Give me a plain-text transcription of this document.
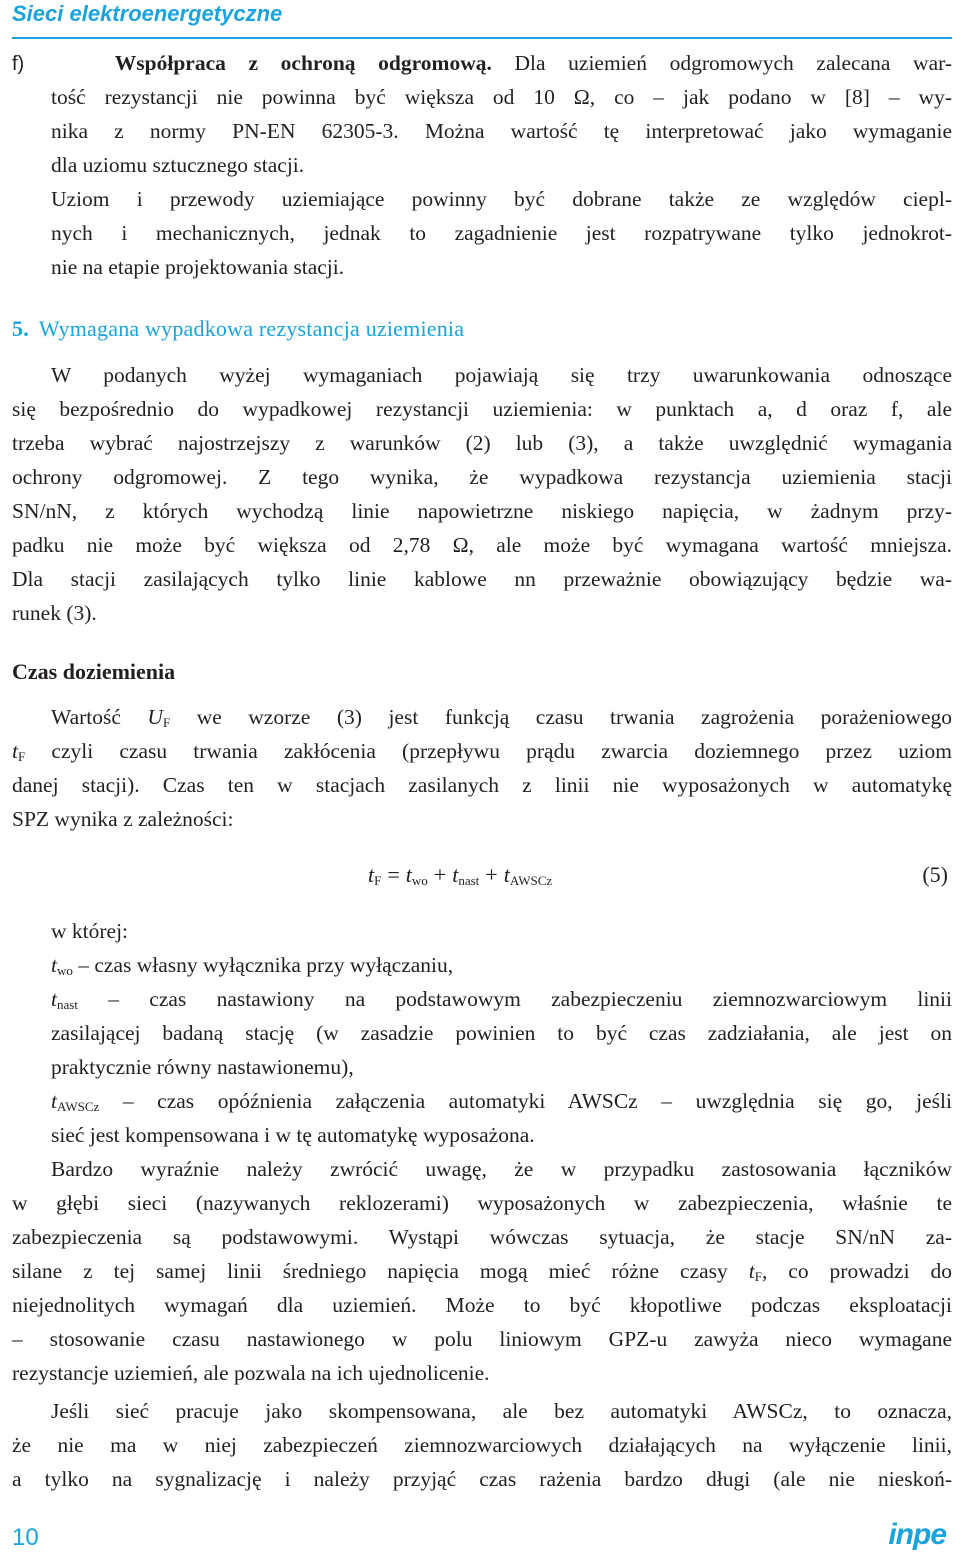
Sieci elektroenergetyczne
f)	Współpraca z ochroną odgromową. Dla uziemień odgromowych zalecana war-
tość rezystancji nie powinna być większa od 10 Ω, co – jak podano w [8] – wy-
nika z normy PN-EN 62305-3. Można wartość tę interpretować jako wymaganie
dla uziomu sztucznego stacji.
Uziom i przewody uziemiające powinny być dobrane także ze względów ciepl-
nych i mechanicznych, jednak to zagadnienie jest rozpatrywane tylko jednokrot-
nie na etapie projektowania stacji.
5. Wymagana wypadkowa rezystancja uziemienia
W podanych wyżej wymaganiach pojawiają się trzy uwarunkowania odnoszące
się bezpośrednio do wypadkowej rezystancji uziemienia: w punktach a, d oraz f, ale
trzeba wybrać najostrzejszy z warunków (2) lub (3), a także uwzględnić wymagania
ochrony odgromowej. Z tego wynika, że wypadkowa rezystancja uziemienia stacji
SN/nN, z których wychodzą linie napowietrzne niskiego napięcia, w żadnym przy-
padku nie może być większa od 2,78 Ω, ale może być wymagana wartość mniejsza.
Dla stacji zasilających tylko linie kablowe nn przeważnie obowiązujący będzie wa-
runek (3).
Czas doziemienia
Wartość $U_F$ we wzorze (3) jest funkcją czasu trwania zagrożenia porażeniowego
$t_F$ czyli czasu trwania zakłócenia (przepływu prądu zwarcia doziemnego przez uziom
danej stacji). Czas ten w stacjach zasilanych z linii nie wyposażonych w automatykę
SPZ wynika z zależności:
$t_F = t_{wo} + t_{nast} + t_{AWSCz}$	(5)
w której:
$t_{wo}$ – czas własny wyłącznika przy wyłączaniu,
$t_{nast}$ – czas nastawiony na podstawowym zabezpieczeniu ziemnozwarciowym linii
zasilającej badaną stację (w zasadzie powinien to być czas zadziałania, ale jest on
praktycznie równy nastawionemu),
$t_{AWSCz}$ – czas opóźnienia załączenia automatyki AWSCz – uwzględnia się go, jeśli
sieć jest kompensowana i w tę automatykę wyposażona.
Bardzo wyraźnie należy zwrócić uwagę, że w przypadku zastosowania łączników
w głębi sieci (nazywanych reklozerami) wyposażonych w zabezpieczenia, właśnie te
zabezpieczenia są podstawowymi. Wystąpi wówczas sytuacja, że stacje SN/nN za-
silane z tej samej linii średniego napięcia mogą mieć różne czasy $t_F$, co prowadzi do
niejednolitych wymagań dla uziemień. Może to być kłopotliwe podczas eksploatacji
– stosowanie czasu nastawionego w polu liniowym GPZ-u zawyża nieco wymagane
rezystancje uziemień, ale pozwala na ich ujednolicenie.
Jeśli sieć pracuje jako skompensowana, ale bez automatyki AWSCz, to oznacza,
że nie ma w niej zabezpieczeń ziemnozwarciowych działających na wyłączenie linii,
a tylko na sygnalizację i należy przyjąć czas rażenia bardzo długi (ale nie nieskoń-
10	inpe
